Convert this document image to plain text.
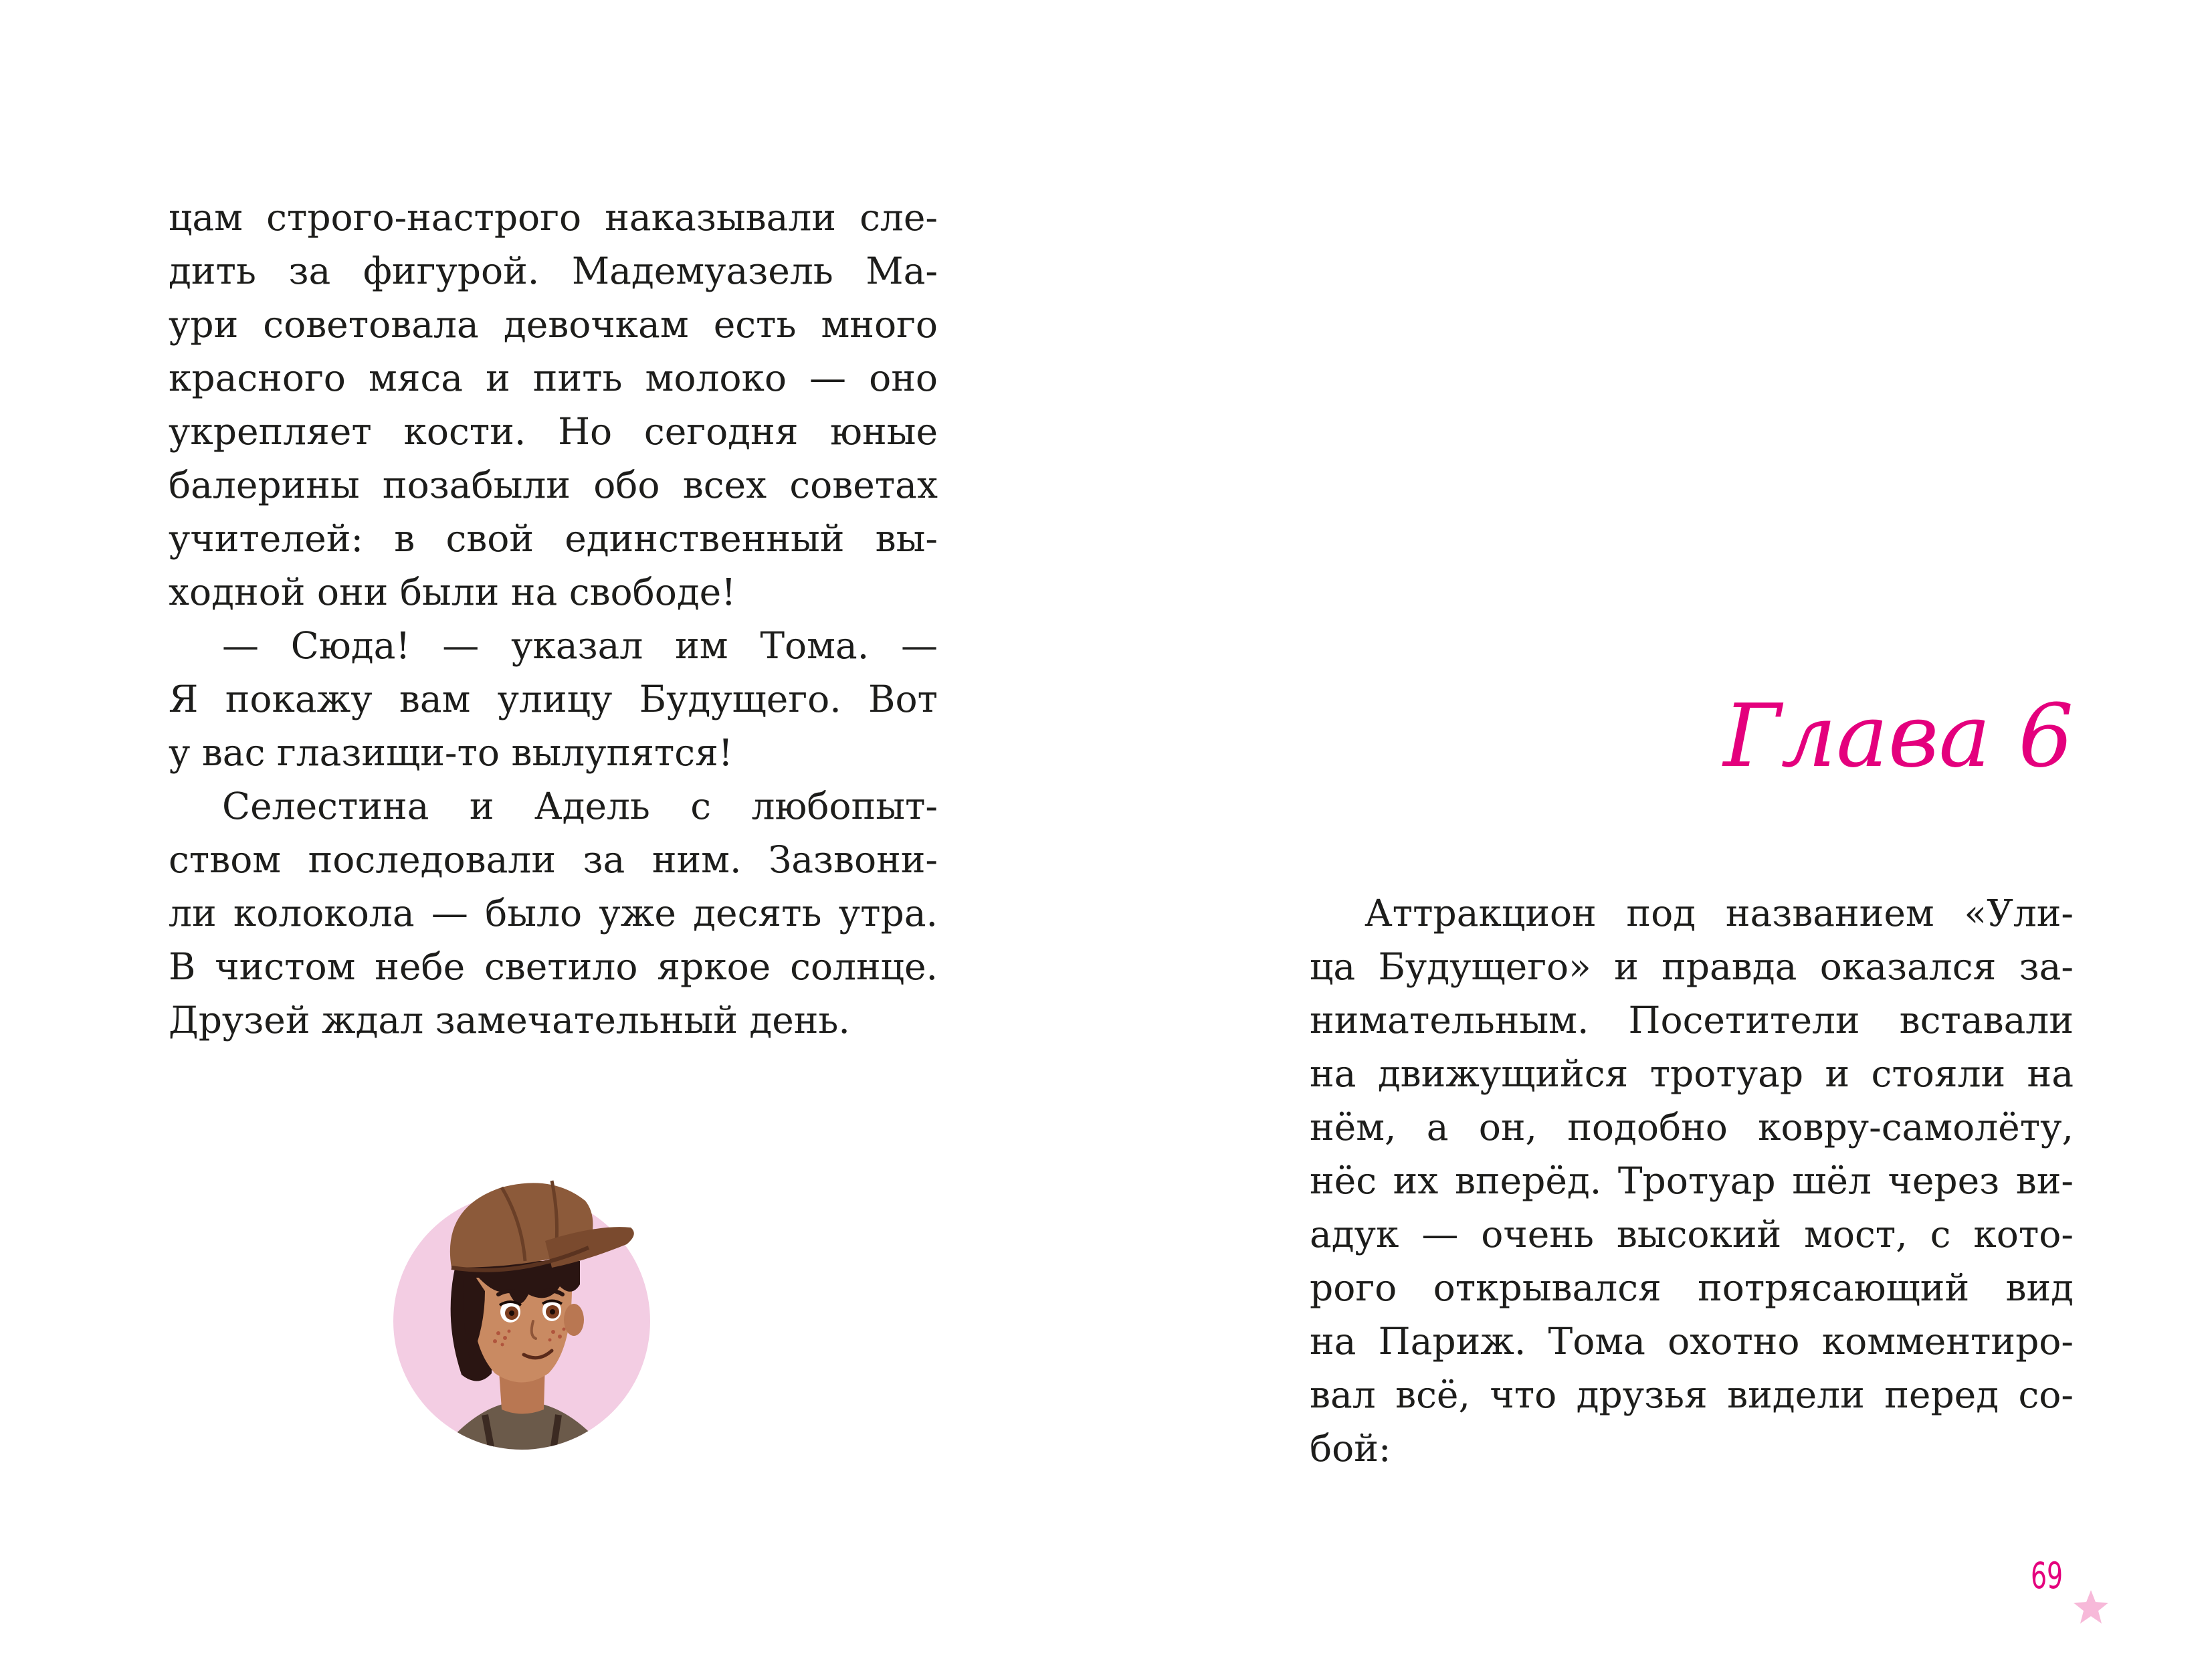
цам строго-настрого наказывали сле-
дить за фигурой. Мадемуазель Ма-
ури советовала девочкам есть много
красного мяса и пить молоко — оно
укрепляет кости. Но сегодня юные
балерины позабыли обо всех советах
учителей: в свой единственный вы-
ходной они были на свободе!
— Сюда! — указал им Тома. —
Я покажу вам улицу Будущего. Вот
у вас глазищи-то вылупятся!
Селестина и Адель с любопыт-
ством последовали за ним. Зазвони-
ли колокола — было уже десять утра.
В чистом небе светило яркое солнце.
Друзей ждал замечательный день.
Глава 6
Аттракцион под названием «Ули-
ца Будущего» и правда оказался за-
нимательным. Посетители вставали
на движущийся тротуар и стояли на
нём, а он, подобно ковру-самолёту,
нёс их вперёд. Тротуар шёл через ви-
адук — очень высокий мост, с кото-
рого открывался потрясающий вид
на Париж. Тома охотно комментиро-
вал всё, что друзья видели перед со-
бой:
69
